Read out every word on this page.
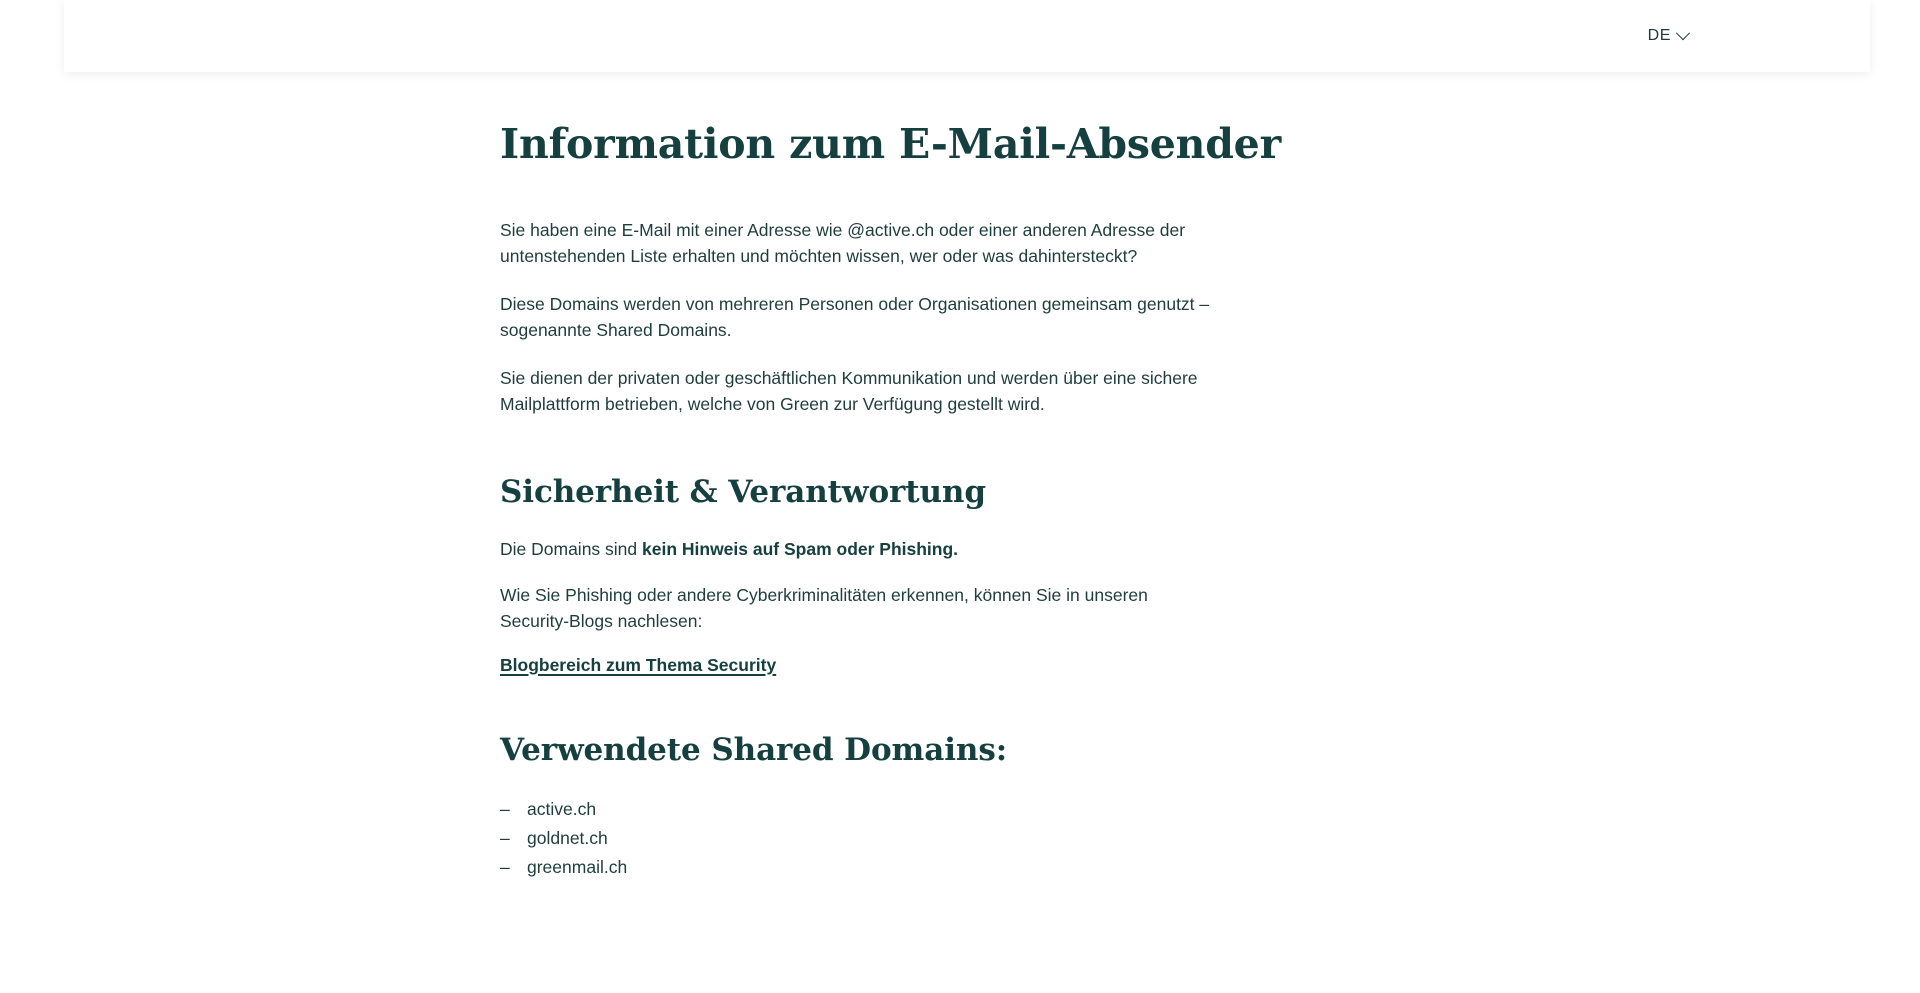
DE
Information zum E-Mail-Absender

Sie haben eine E-Mail mit einer Adresse wie @active.ch oder einer anderen Adresse der untenstehenden Liste erhalten und möchten wissen, wer oder was dahintersteckt?

Diese Domains werden von mehreren Personen oder Organisationen gemeinsam genutzt – sogenannte Shared Domains.

Sie dienen der privaten oder geschäftlichen Kommunikation und werden über eine sichere Mailplattform betrieben, welche von Green zur Verfügung gestellt wird.

Sicherheit & Verantwortung

Die Domains sind kein Hinweis auf Spam oder Phishing.

Wie Sie Phishing oder andere Cyberkriminalitäten erkennen, können Sie in unseren Security-Blogs nachlesen:

Blogbereich zum Thema Security
Verwendete Shared Domains:
– active.ch
– goldnet.ch
– greenmail.ch
